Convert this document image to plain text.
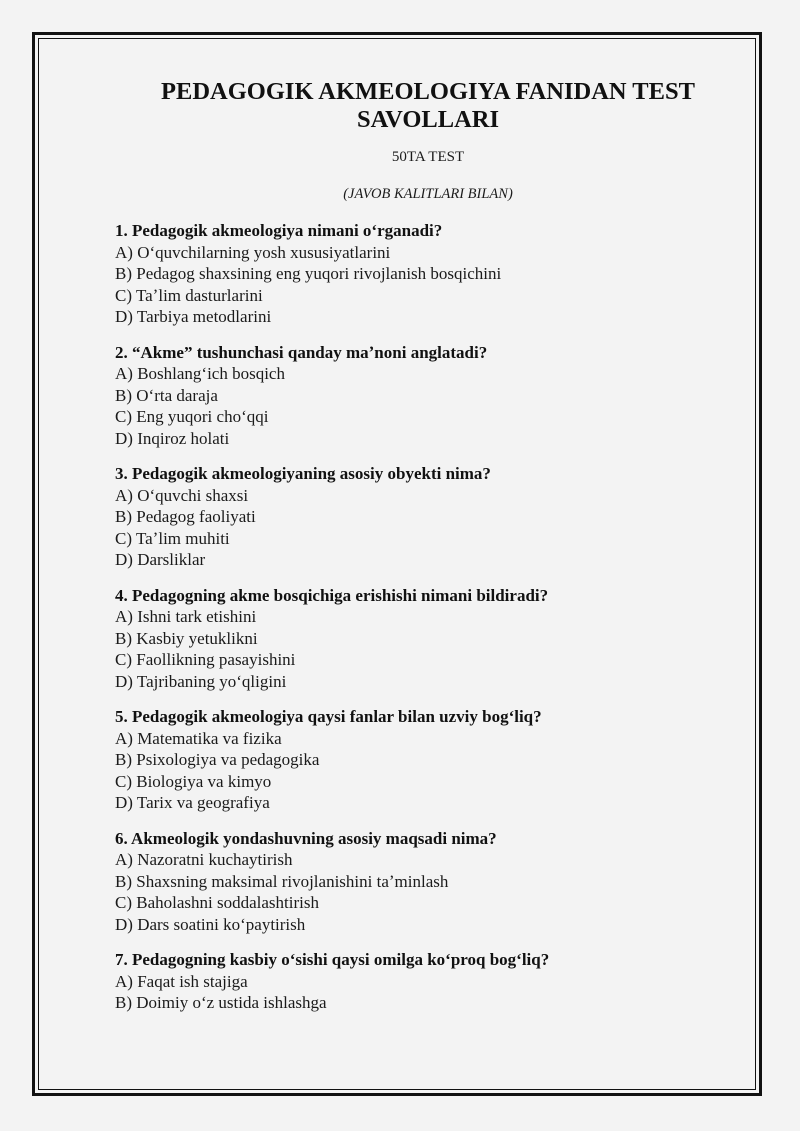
PEDAGOGIK AKMEOLOGIYA FANIDAN TEST SAVOLLARI
50TA TEST
(JAVOB KALITLARI BILAN)
1. Pedagogik akmeologiya nimani oʻrganadi?
A) Oʻquvchilarning yosh xususiyatlarini
B) Pedagog shaxsining eng yuqori rivojlanish bosqichini
C) Taʼlim dasturlarini
D) Tarbiya metodlarini
2. “Akme” tushunchasi qanday maʼnoni anglatadi?
A) Boshlangʻich bosqich
B) Oʻrta daraja
C) Eng yuqori choʻqqi
D) Inqiroz holati
3. Pedagogik akmeologiyaning asosiy obyekti nima?
A) Oʻquvchi shaxsi
B) Pedagog faoliyati
C) Taʼlim muhiti
D) Darsliklar
4. Pedagogning akme bosqichiga erishishi nimani bildiradi?
A) Ishni tark etishini
B) Kasbiy yetuklikni
C) Faollikning pasayishini
D) Tajribaning yoʻqligini
5. Pedagogik akmeologiya qaysi fanlar bilan uzviy bogʻliq?
A) Matematika va fizika
B) Psixologiya va pedagogika
C) Biologiya va kimyo
D) Tarix va geografiya
6. Akmeologik yondashuvning asosiy maqsadi nima?
A) Nazoratni kuchaytirish
B) Shaxsning maksimal rivojlanishini taʼminlash
C) Baholashni soddalashtirish
D) Dars soatini koʻpaytirish
7. Pedagogning kasbiy oʻsishi qaysi omilga koʻproq bogʻliq?
A) Faqat ish stajiga
B) Doimiy oʻz ustida ishlashga
